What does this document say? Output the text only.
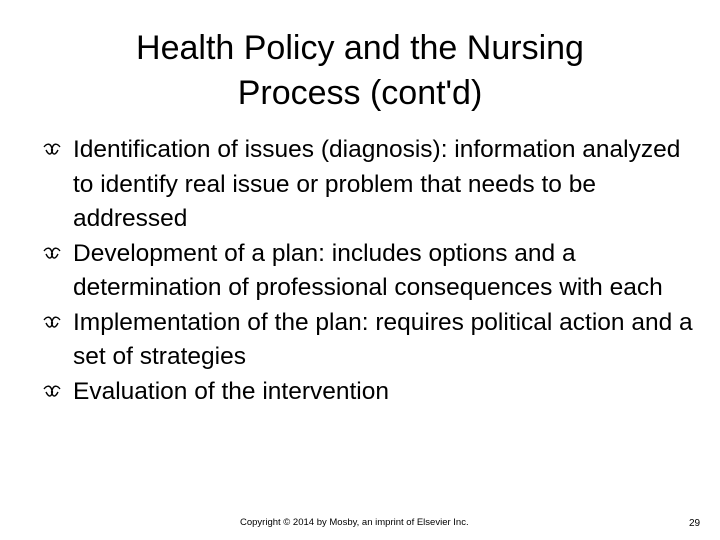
Health Policy and the Nursing
Process (cont'd)
Identification of issues (diagnosis): information analyzed to identify real issue or problem that needs to be addressed
Development of a plan: includes options and a determination of professional consequences with each
Implementation of the plan: requires political action and a set of strategies
Evaluation of the intervention
Copyright © 2014 by Mosby, an imprint of Elsevier Inc.	29
